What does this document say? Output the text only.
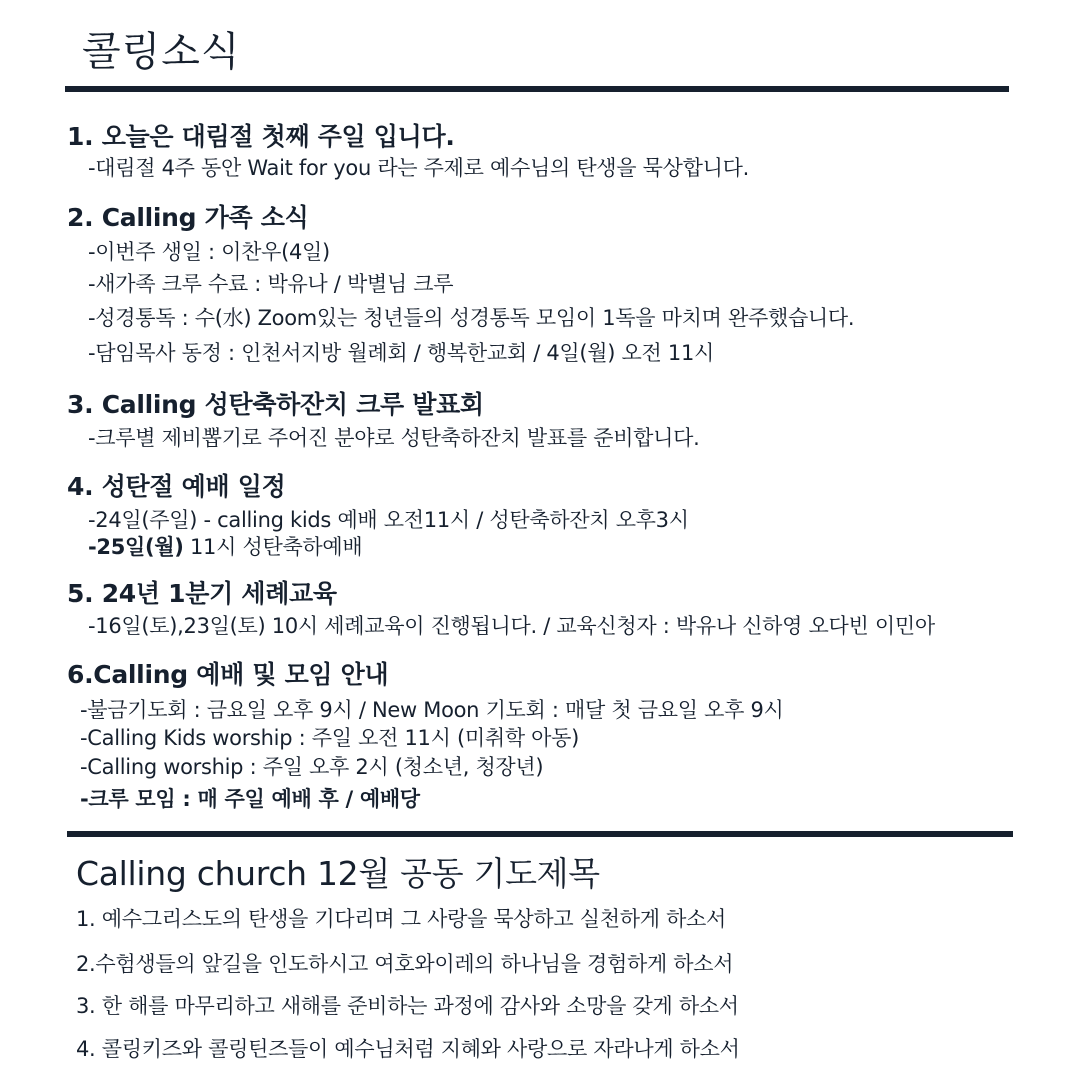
콜링소식
1. 오늘은 대림절 첫째 주일 입니다.
-대림절 4주 동안 Wait for you 라는 주제로 예수님의 탄생을 묵상합니다.
2. Calling 가족 소식
-이번주 생일 : 이찬우(4일)
-새가족 크루 수료 : 박유나 / 박별님 크루
-성경통독 : 수(水) Zoom있는 청년들의 성경통독 모임이 1독을 마치며 완주했습니다.
-담임목사 동정 : 인천서지방 월례회 / 행복한교회 / 4일(월) 오전 11시
3. Calling 성탄축하잔치 크루 발표회
-크루별 제비뽑기로 주어진 분야로 성탄축하잔치 발표를 준비합니다.
4. 성탄절 예배 일정
-24일(주일) - calling kids 예배 오전11시 / 성탄축하잔치 오후3시
-25일(월) 11시 성탄축하예배
5. 24년 1분기 세례교육
-16일(토),23일(토) 10시 세례교육이 진행됩니다. / 교육신청자 : 박유나 신하영 오다빈 이민아
6.Calling 예배 및 모임 안내
-불금기도회 : 금요일 오후 9시 / New Moon 기도회 : 매달 첫 금요일 오후 9시
-Calling Kids worship : 주일 오전 11시 (미취학 아동)
-Calling worship : 주일 오후 2시 (청소년, 청장년)
-크루 모임 : 매 주일 예배 후 / 예배당
Calling church 12월 공동 기도제목
1. 예수그리스도의 탄생을 기다리며 그 사랑을 묵상하고 실천하게 하소서
2.수험생들의 앞길을 인도하시고 여호와이레의 하나님을 경험하게 하소서
3. 한 해를 마무리하고 새해를 준비하는 과정에 감사와 소망을 갖게 하소서
4. 콜링키즈와 콜링틴즈들이 예수님처럼 지혜와 사랑으로 자라나게 하소서
